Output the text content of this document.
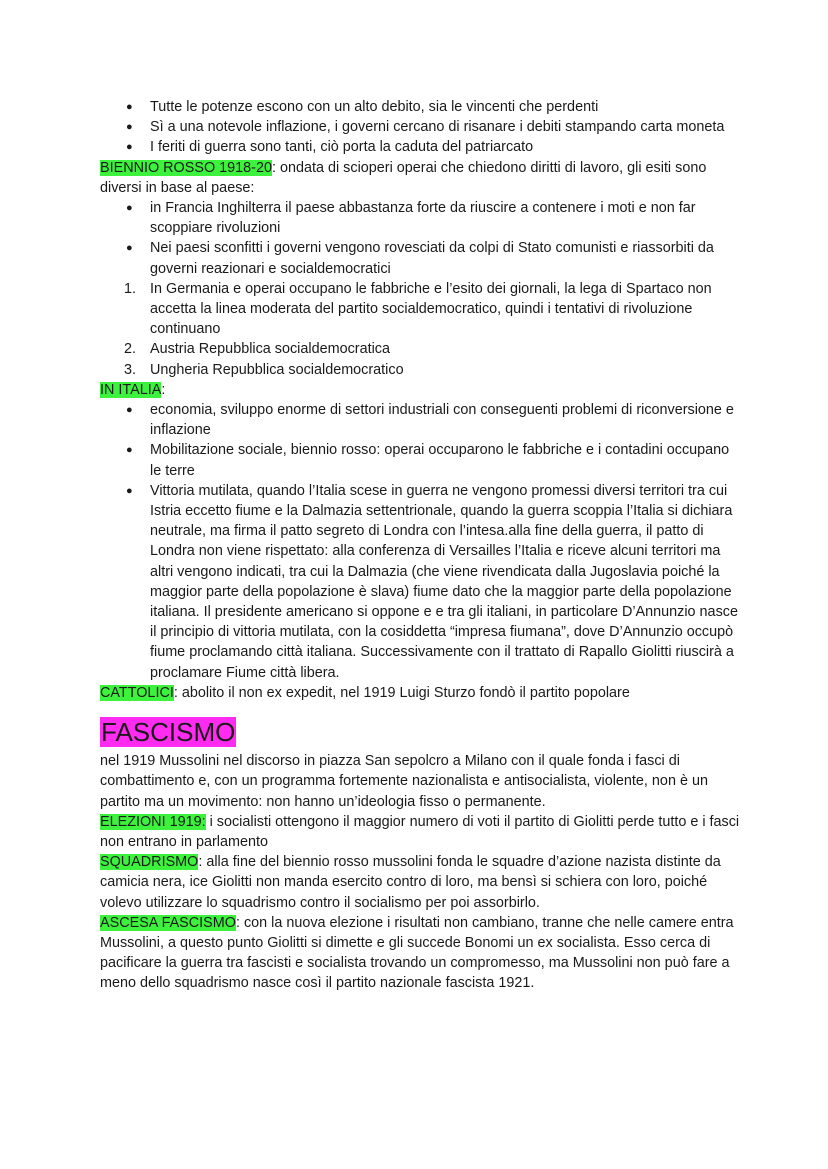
● Tutte le potenze escono con un alto debito, sia le vincenti che perdenti
● Sì a una notevole inflazione, i governi cercano di risanare i debiti stampando carta moneta
● I feriti di guerra sono tanti, ciò porta la caduta del patriarcato

BIENNIO ROSSO 1918-20: ondata di scioperi operai che chiedono diritti di lavoro, gli esiti sono diversi in base al paese:

● in Francia Inghilterra il paese abbastanza forte da riuscire a contenere i moti e non far scoppiare rivoluzioni
● Nei paesi sconfitti i governi vengono rovesciati da colpi di Stato comunisti e riassorbiti da governi reazionari e socialdemocratici
1. In Germania e operai occupano le fabbriche e l’esito dei giornali, la lega di Spartaco non accetta la linea moderata del partito socialdemocratico, quindi i tentativi di rivoluzione continuano
2. Austria Repubblica socialdemocratica
3. Ungheria Repubblica socialdemocratico

IN ITALIA:

● economia, sviluppo enorme di settori industriali con conseguenti problemi di riconversione e inflazione
● Mobilitazione sociale, biennio rosso: operai occuparono le fabbriche e i contadini occupano le terre
● Vittoria mutilata, quando l’Italia scese in guerra ne vengono promessi diversi territori tra cui Istria eccetto fiume e la Dalmazia settentrionale, quando la guerra scoppia l’Italia si dichiara neutrale, ma firma il patto segreto di Londra con l’intesa.alla fine della guerra, il patto di Londra non viene rispettato: alla conferenza di Versailles l’Italia e riceve alcuni territori ma altri vengono indicati, tra cui la Dalmazia (che viene rivendicata dalla Jugoslavia poiché la maggior parte della popolazione è slava) fiume dato che la maggior parte della popolazione italiana. Il presidente americano si oppone e e tra gli italiani, in particolare D’Annunzio nasce il principio di vittoria mutilata, con la cosiddetta “impresa fiumana”, dove D’Annunzio occupò fiume proclamando città italiana. Successivamente con il trattato di Rapallo Giolitti riuscirà a proclamare Fiume città libera.

CATTOLICI: abolito il non ex expedit, nel 1919 Luigi Sturzo fondò il partito popolare

FASCISMO

nel 1919 Mussolini nel discorso in piazza San sepolcro a Milano con il quale fonda i fasci di combattimento e, con un programma fortemente nazionalista e antisocialista, violente, non è un partito ma un movimento: non hanno un’ideologia fisso o permanente.

ELEZIONI 1919: i socialisti ottengono il maggior numero di voti il partito di Giolitti perde tutto e i fasci non entrano in parlamento

SQUADRISMO: alla fine del biennio rosso mussolini fonda le squadre d’azione nazista distinte da camicia nera, ice Giolitti non manda esercito contro di loro, ma bensì si schiera con loro, poiché volevo utilizzare lo squadrismo contro il socialismo per poi assorbirlo.

ASCESA FASCISMO: con la nuova elezione i risultati non cambiano, tranne che nelle camere entra Mussolini, a questo punto Giolitti si dimette e gli succede Bonomi un ex socialista. Esso cerca di pacificare la guerra tra fascisti e socialista trovando un compromesso, ma Mussolini non può fare a meno dello squadrismo nasce così il partito nazionale fascista 1921.
